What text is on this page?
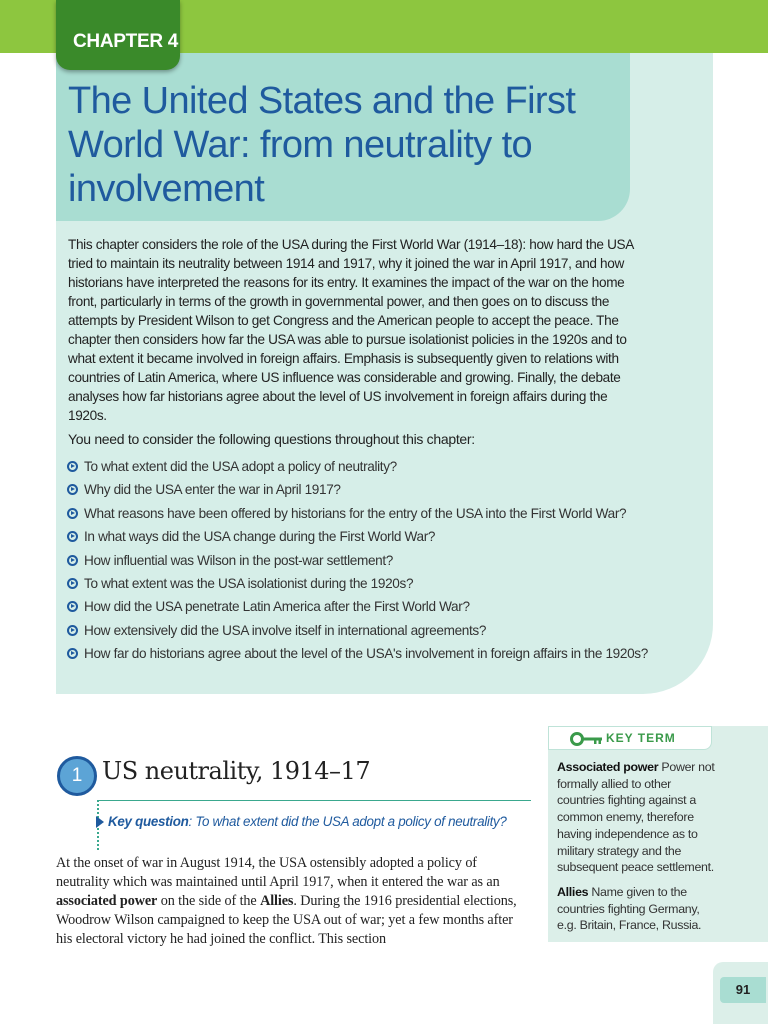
The United States and the First World War: from neutrality to involvement
CHAPTER 4

This chapter considers the role of the USA during the First World War (1914–18): how hard the USA tried to maintain its neutrality between 1914 and 1917, why it joined the war in April 1917, and how historians have interpreted the reasons for its entry. It examines the impact of the war on the home front, particularly in terms of the growth in governmental power, and then goes on to discuss the attempts by President Wilson to get Congress and the American people to accept the peace. The chapter then considers how far the USA was able to pursue isolationist policies in the 1920s and to what extent it became involved in foreign affairs. Emphasis is subsequently given to relations with countries of Latin America, where US influence was considerable and growing. Finally, the debate analyses how far historians agree about the level of US involvement in foreign affairs during the 1920s.

You need to consider the following questions throughout this chapter:

To what extent did the USA adopt a policy of neutrality?
Why did the USA enter the war in April 1917?
What reasons have been offered by historians for the entry of the USA into the First World War?
In what ways did the USA change during the First World War?
How influential was Wilson in the post-war settlement?
To what extent was the USA isolationist during the 1920s?
How did the USA penetrate Latin America after the First World War?
How extensively did the USA involve itself in international agreements?
How far do historians agree about the level of the USA's involvement in foreign affairs in the 1920s?
1 US neutrality, 1914–17
Key question: To what extent did the USA adopt a policy of neutrality?

At the onset of war in August 1914, the USA ostensibly adopted a policy of neutrality which was maintained until April 1917, when it entered the war as an associated power on the side of the Allies. During the 1916 presidential elections, Woodrow Wilson campaigned to keep the USA out of war; yet a few months after his electoral victory he had joined the conflict. This section

KEY TERM

Associated power Power not formally allied to other countries fighting against a common enemy, therefore having independence as to military strategy and the subsequent peace settlement.

Allies Name given to the countries fighting Germany, e.g. Britain, France, Russia.

91
